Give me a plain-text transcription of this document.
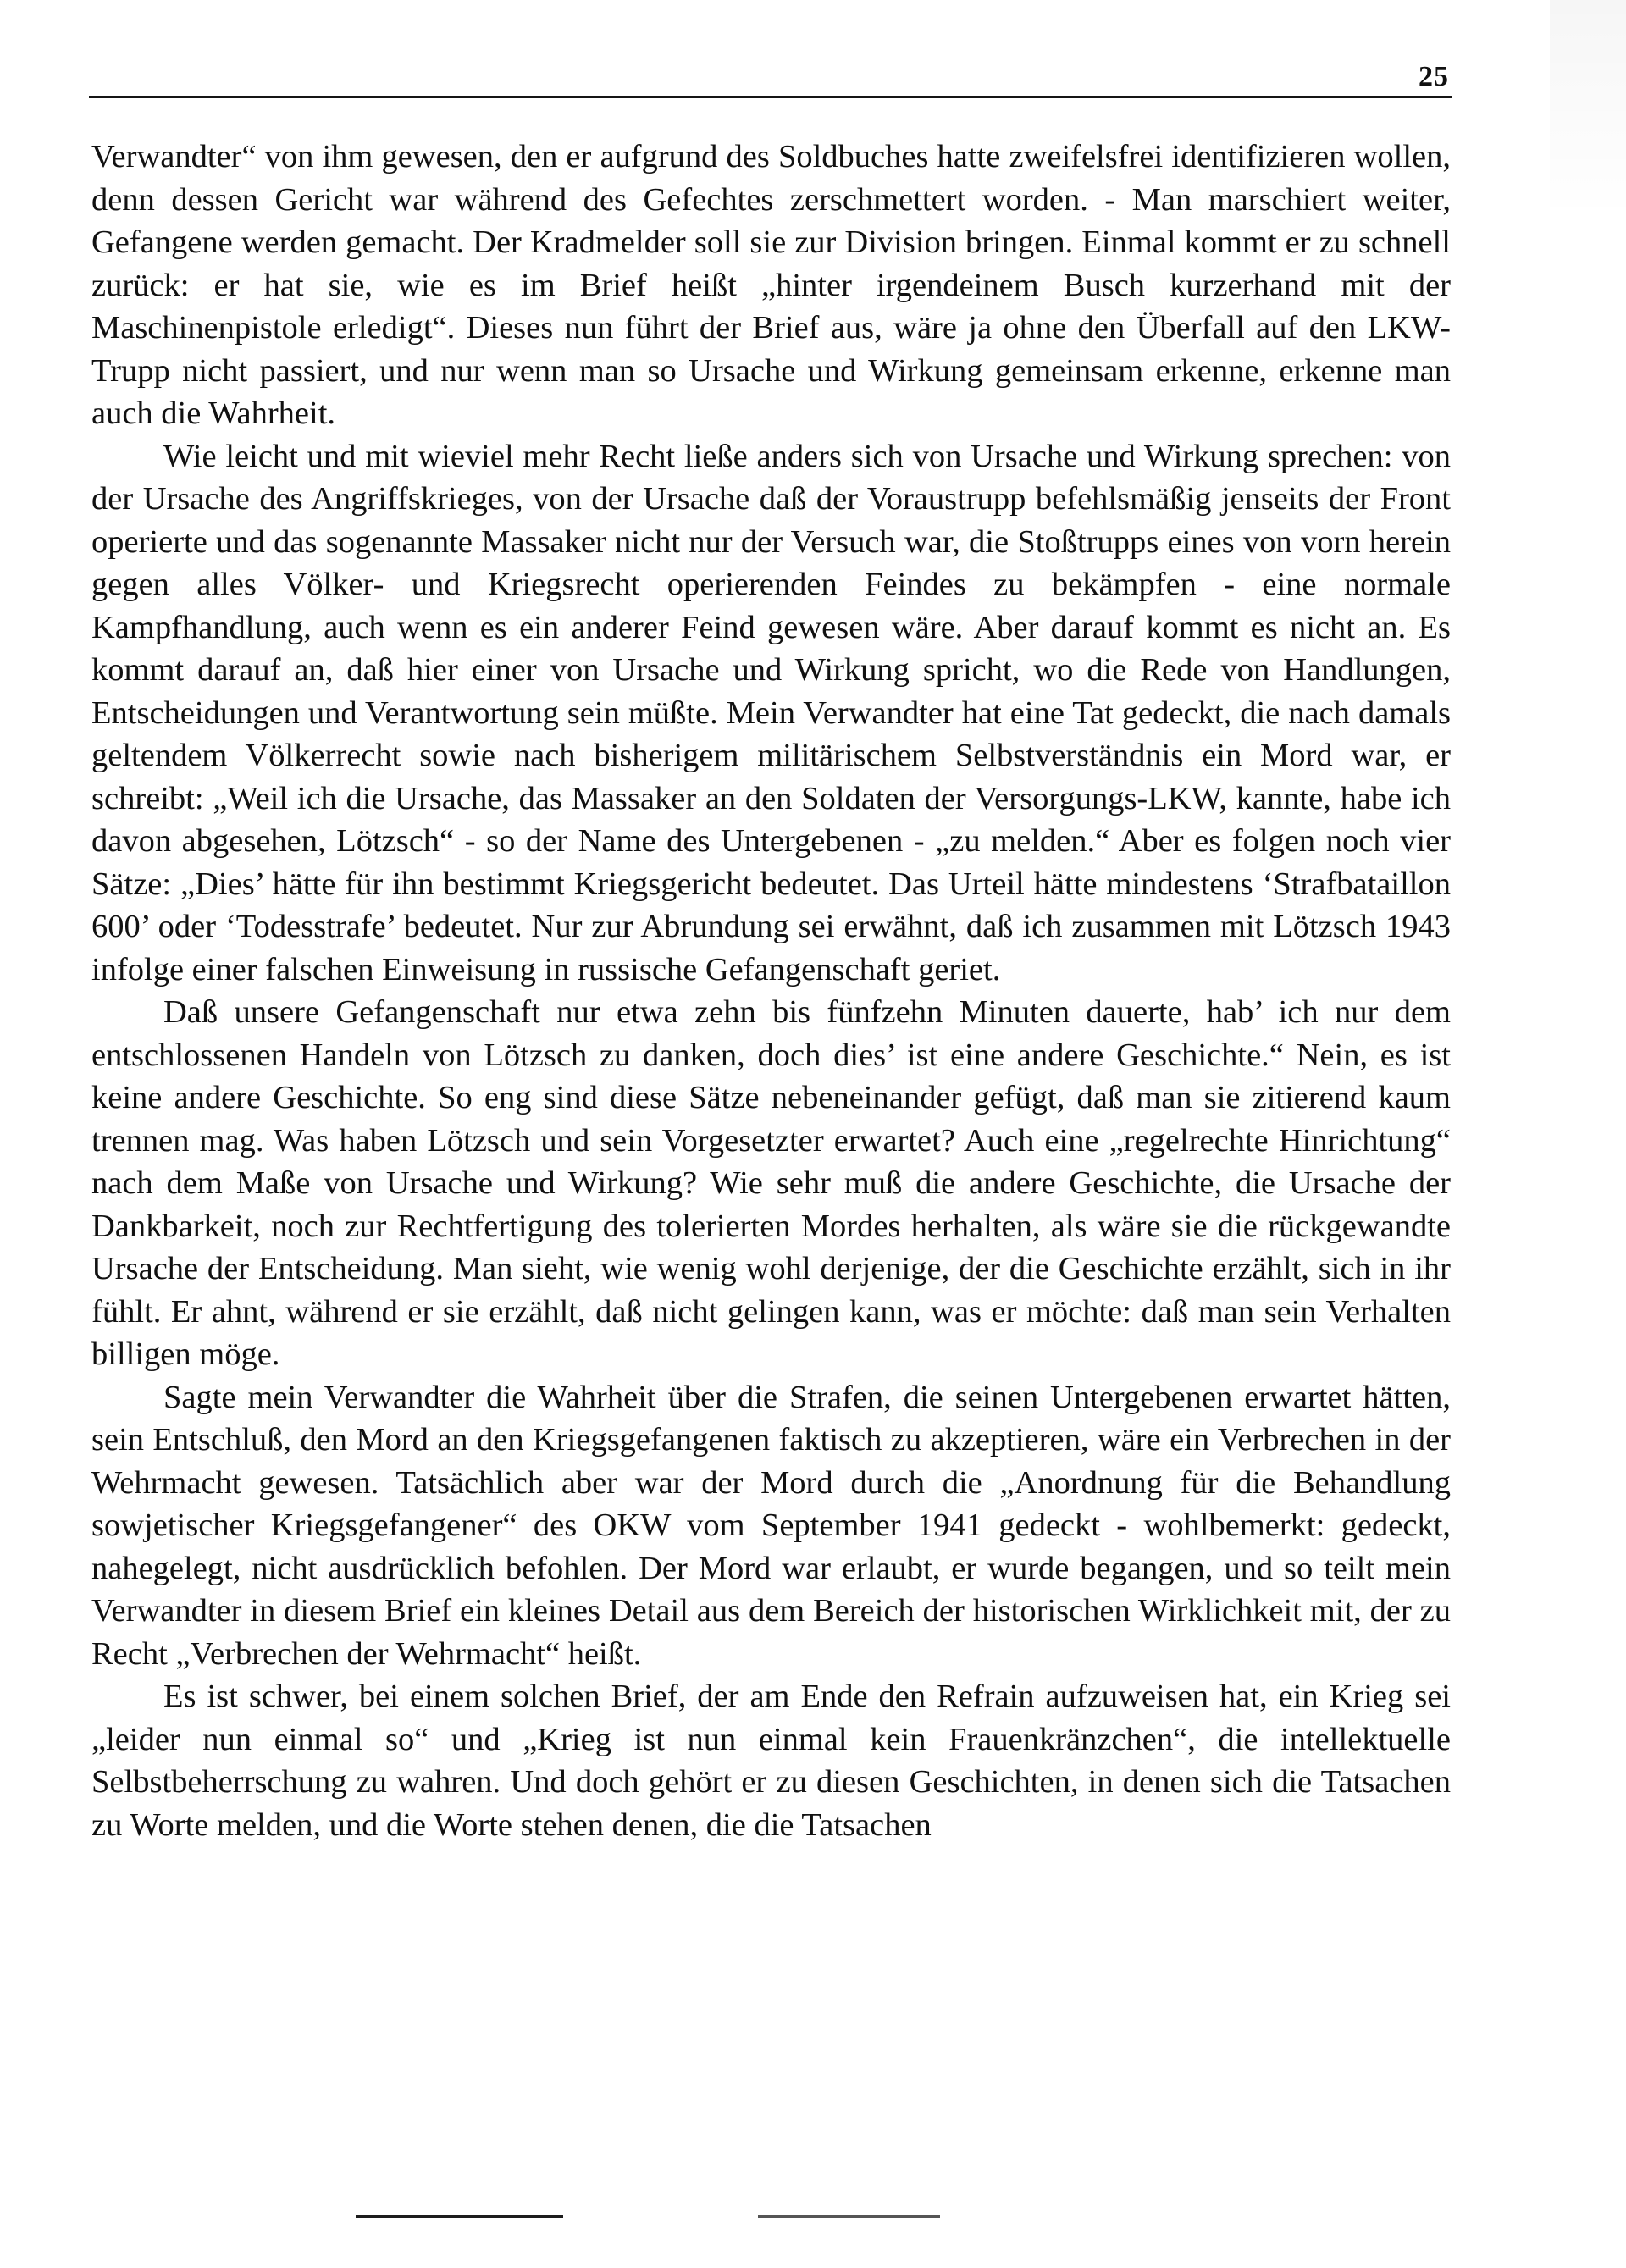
25

Verwandter“ von ihm gewesen, den er aufgrund des Soldbuches hatte zweifelsfrei identifizieren wollen, denn dessen Gericht war während des Gefechtes zerschmettert worden. - Man marschiert weiter, Gefangene werden gemacht. Der Kradmelder soll sie zur Division bringen. Einmal kommt er zu schnell zurück: er hat sie, wie es im Brief heißt „hinter irgendeinem Busch kurzerhand mit der Maschinenpistole erledigt“. Dieses nun führt der Brief aus, wäre ja ohne den Überfall auf den LKW-Trupp nicht passiert, und nur wenn man so Ursache und Wirkung gemeinsam erkenne, erkenne man auch die Wahrheit.

Wie leicht und mit wieviel mehr Recht ließe anders sich von Ursache und Wirkung sprechen: von der Ursache des Angriffskrieges, von der Ursache daß der Voraustrupp befehlsmäßig jenseits der Front operierte und das sogenannte Massaker nicht nur der Versuch war, die Stoßtrupps eines von vorn herein gegen alles Völker- und Kriegsrecht operierenden Feindes zu bekämpfen - eine normale Kampfhandlung, auch wenn es ein anderer Feind gewesen wäre. Aber darauf kommt es nicht an. Es kommt darauf an, daß hier einer von Ursache und Wirkung spricht, wo die Rede von Handlungen, Entscheidungen und Verantwortung sein müßte. Mein Verwandter hat eine Tat gedeckt, die nach damals geltendem Völkerrecht sowie nach bisherigem militärischem Selbstverständnis ein Mord war, er schreibt: „Weil ich die Ursache, das Massaker an den Soldaten der Versorgungs-LKW, kannte, habe ich davon abgesehen, Lötzsch“ - so der Name des Untergebenen - „zu melden.“ Aber es folgen noch vier Sätze: „Dies’ hätte für ihn bestimmt Kriegsgericht bedeutet. Das Urteil hätte mindestens ‘Strafbataillon 600’ oder ‘Todesstrafe’ bedeutet. Nur zur Abrundung sei erwähnt, daß ich zusammen mit Lötzsch 1943 infolge einer falschen Einweisung in russische Gefangenschaft geriet.

Daß unsere Gefangenschaft nur etwa zehn bis fünfzehn Minuten dauerte, hab’ ich nur dem entschlossenen Handeln von Lötzsch zu danken, doch dies’ ist eine andere Geschichte.“ Nein, es ist keine andere Geschichte. So eng sind diese Sätze nebeneinander gefügt, daß man sie zitierend kaum trennen mag. Was haben Lötzsch und sein Vorgesetzter erwartet? Auch eine „regelrechte Hinrichtung“ nach dem Maße von Ursache und Wirkung? Wie sehr muß die andere Geschichte, die Ursache der Dankbarkeit, noch zur Rechtfertigung des tolerierten Mordes herhalten, als wäre sie die rückgewandte Ursache der Entscheidung. Man sieht, wie wenig wohl derjenige, der die Geschichte erzählt, sich in ihr fühlt. Er ahnt, während er sie erzählt, daß nicht gelingen kann, was er möchte: daß man sein Verhalten billigen möge.

Sagte mein Verwandter die Wahrheit über die Strafen, die seinen Untergebenen erwartet hätten, sein Entschluß, den Mord an den Kriegsgefangenen faktisch zu akzeptieren, wäre ein Verbrechen in der Wehrmacht gewesen. Tatsächlich aber war der Mord durch die „Anordnung für die Behandlung sowjetischer Kriegsgefangener“ des OKW vom September 1941 gedeckt - wohlbemerkt: gedeckt, nahegelegt, nicht ausdrücklich befohlen. Der Mord war erlaubt, er wurde begangen, und so teilt mein Verwandter in diesem Brief ein kleines Detail aus dem Bereich der historischen Wirklichkeit mit, der zu Recht „Verbrechen der Wehrmacht“ heißt.

Es ist schwer, bei einem solchen Brief, der am Ende den Refrain aufzuweisen hat, ein Krieg sei „leider nun einmal so“ und „Krieg ist nun einmal kein Frauenkränzchen“, die intellektuelle Selbstbeherrschung zu wahren. Und doch gehört er zu diesen Geschichten, in denen sich die Tatsachen zu Worte melden, und die Worte stehen denen, die die Tatsachen
